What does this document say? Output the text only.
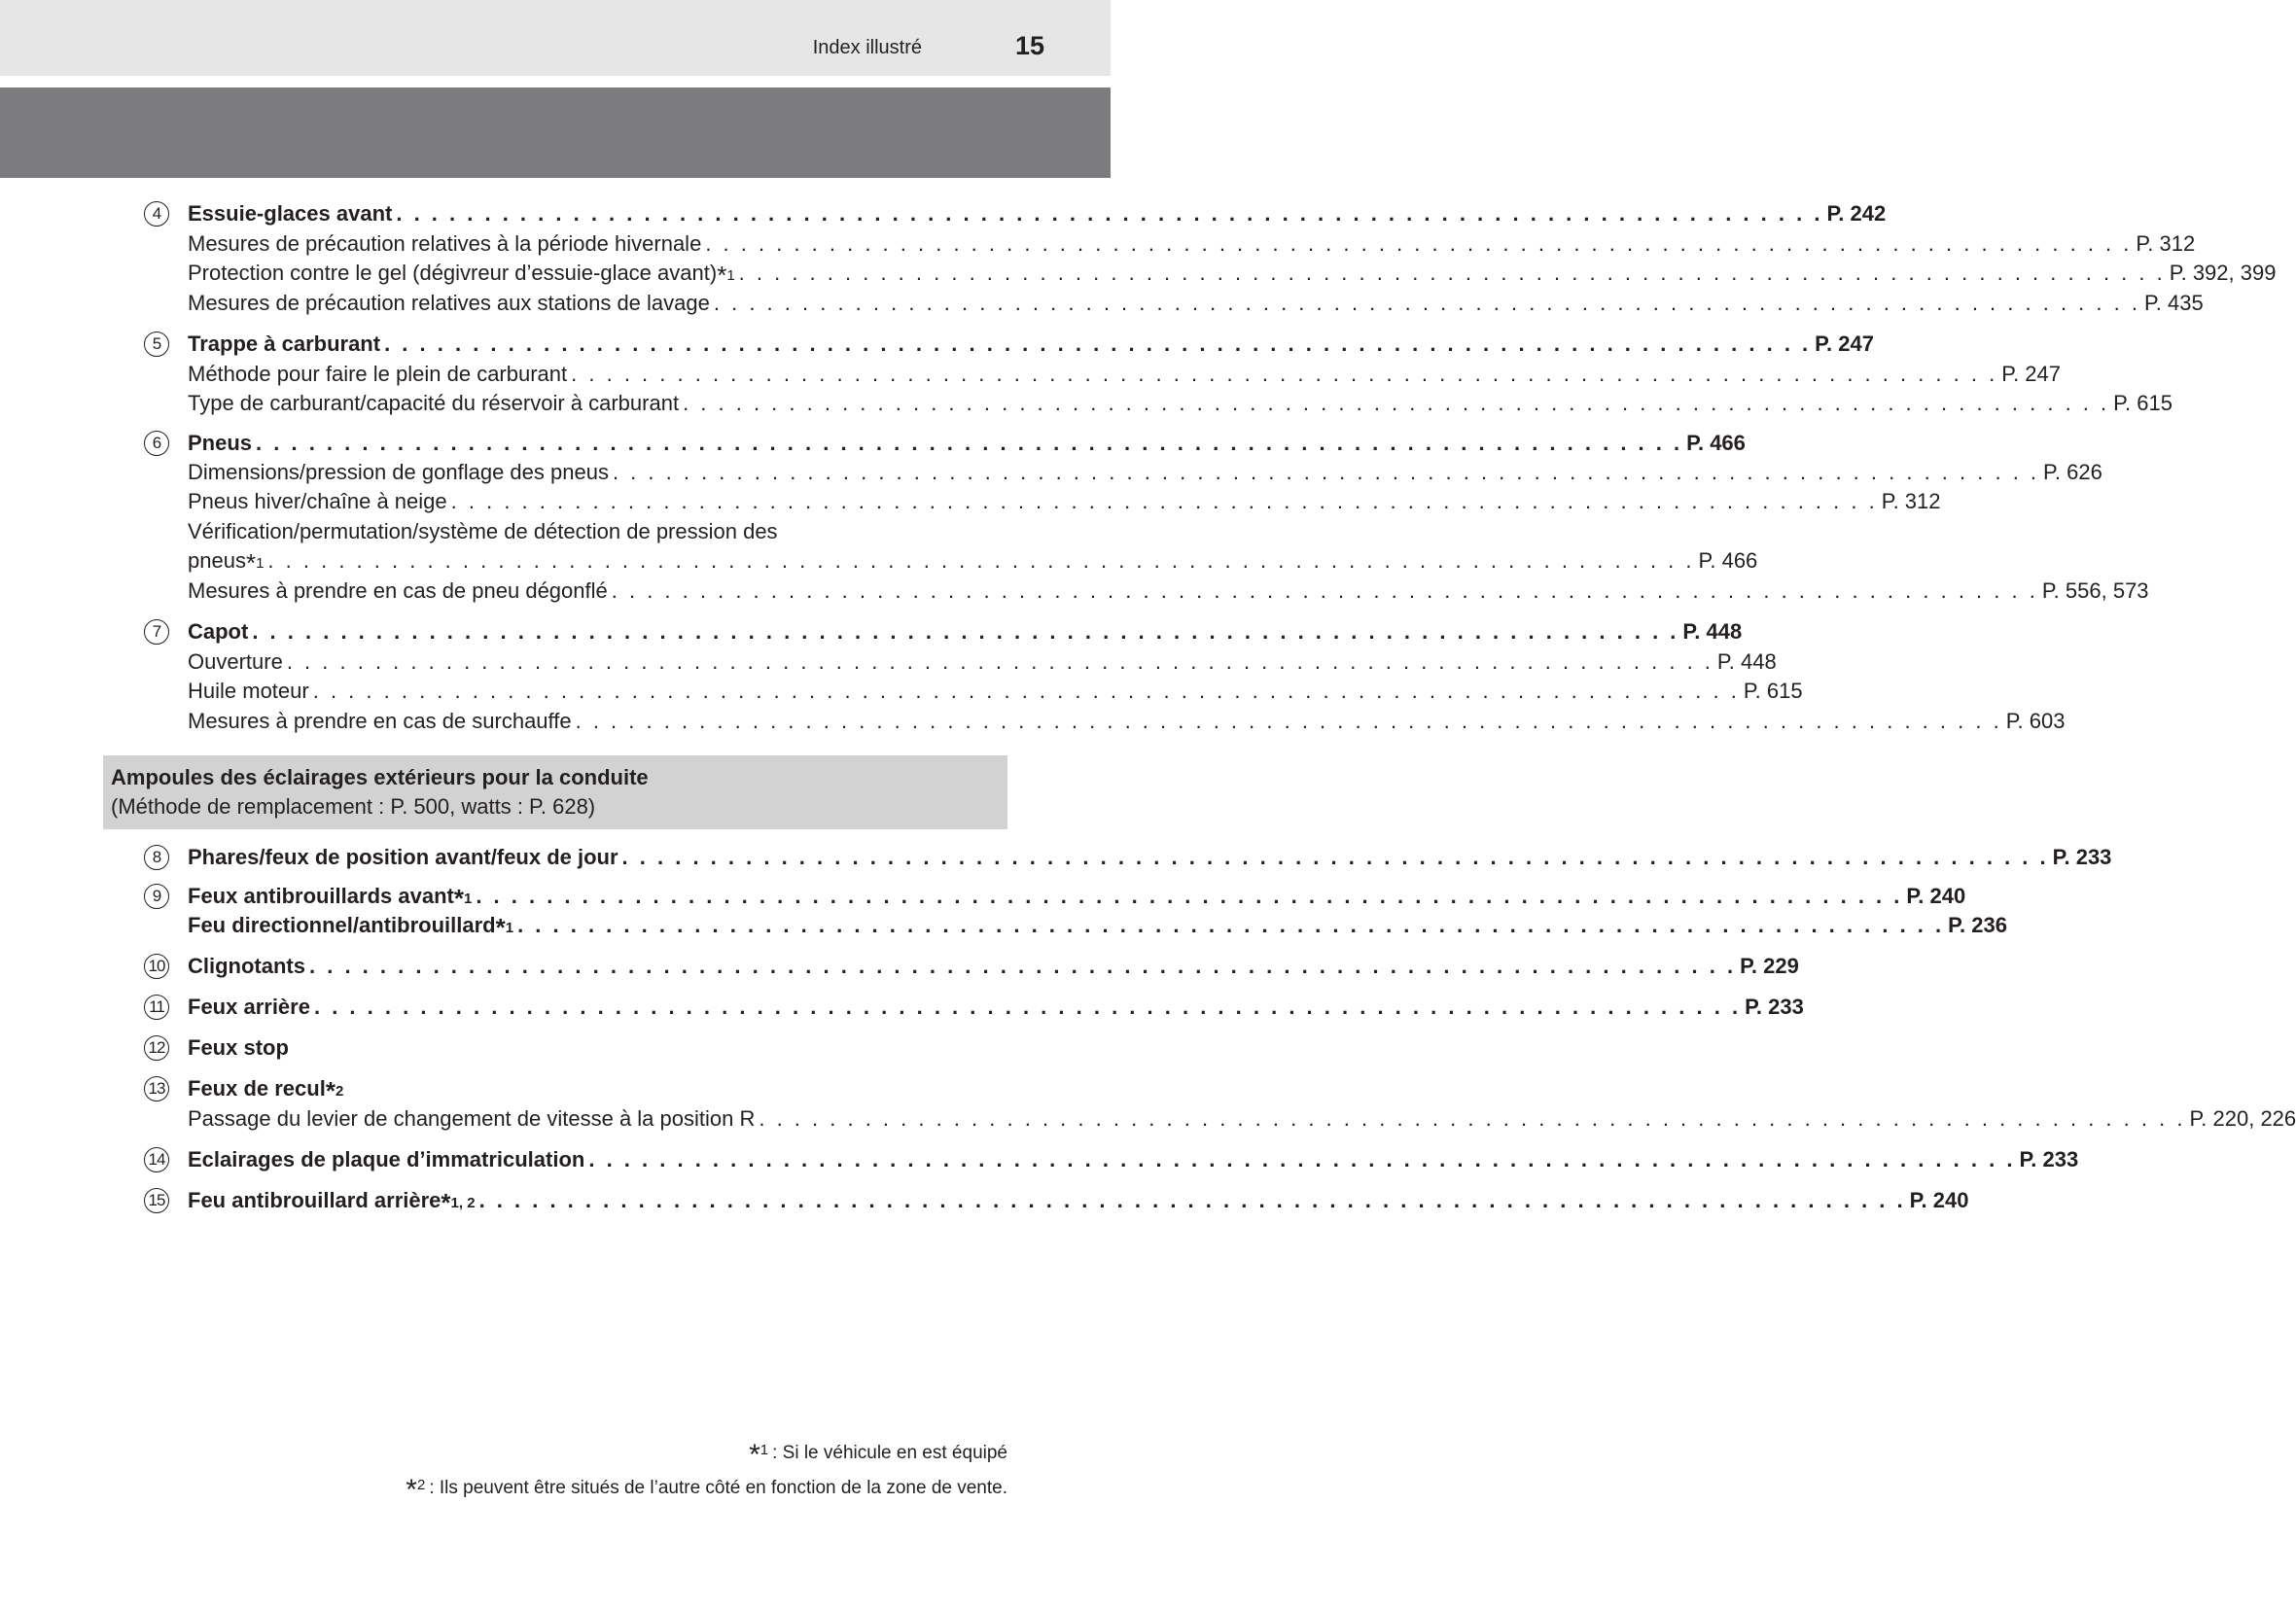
Index illustré	15
Essuie-glaces avant . . . . . . . . . . . . . . . . . . . . . . . . . . . . . . . . . . . . . . . . . . . . . . . . . . . . . . . . . . . . . . . . . . . . . . . . . . . . . . . . . P. 242
4
Mesures de précaution relatives à la période hivernale . . . . . . . . . . . . . . . . . . . . . . . . . . . . . . . . . . . . . . . . . . . . . . . . . . . . . . . . . . . . . . . . . . . . . . . . . . . . . . . . . P. 312
Protection contre le gel (dégivreur d’essuie-glace avant) *1 . . . . . . . . . . . . . . . . . . . . . . . . . . . . . . . . . . . . . . . . . . . . . . . . . . . . . . . . . . . . . . . . . . . . . . . . . . . . . . . . . P. 392, 399
Mesures de précaution relatives aux stations de lavage . . . . . . . . . . . . . . . . . . . . . . . . . . . . . . . . . . . . . . . . . . . . . . . . . . . . . . . . . . . . . . . . . . . . . . . . . . . . . . . . . P. 435
Trappe à carburant . . . . . . . . . . . . . . . . . . . . . . . . . . . . . . . . . . . . . . . . . . . . . . . . . . . . . . . . . . . . . . . . . . . . . . . . . . . . . . . . . P. 247
5
Méthode pour faire le plein de carburant . . . . . . . . . . . . . . . . . . . . . . . . . . . . . . . . . . . . . . . . . . . . . . . . . . . . . . . . . . . . . . . . . . . . . . . . . . . . . . . . . P. 247
Type de carburant/capacité du réservoir à carburant . . . . . . . . . . . . . . . . . . . . . . . . . . . . . . . . . . . . . . . . . . . . . . . . . . . . . . . . . . . . . . . . . . . . . . . . . . . . . . . . . P. 615
Pneus . . . . . . . . . . . . . . . . . . . . . . . . . . . . . . . . . . . . . . . . . . . . . . . . . . . . . . . . . . . . . . . . . . . . . . . . . . . . . . . . . P. 466
6
Dimensions/pression de gonflage des pneus . . . . . . . . . . . . . . . . . . . . . . . . . . . . . . . . . . . . . . . . . . . . . . . . . . . . . . . . . . . . . . . . . . . . . . . . . . . . . . . . . P. 626
Pneus hiver/chaîne à neige . . . . . . . . . . . . . . . . . . . . . . . . . . . . . . . . . . . . . . . . . . . . . . . . . . . . . . . . . . . . . . . . . . . . . . . . . . . . . . . . . P. 312
Vérification/permutation/système de détection de pression des
pneus *1 . . . . . . . . . . . . . . . . . . . . . . . . . . . . . . . . . . . . . . . . . . . . . . . . . . . . . . . . . . . . . . . . . . . . . . . . . . . . . . . . . P. 466
Mesures à prendre en cas de pneu dégonflé . . . . . . . . . . . . . . . . . . . . . . . . . . . . . . . . . . . . . . . . . . . . . . . . . . . . . . . . . . . . . . . . . . . . . . . . . . . . . . . . . P. 556, 573
Capot . . . . . . . . . . . . . . . . . . . . . . . . . . . . . . . . . . . . . . . . . . . . . . . . . . . . . . . . . . . . . . . . . . . . . . . . . . . . . . . . . P. 448
7
Ouverture . . . . . . . . . . . . . . . . . . . . . . . . . . . . . . . . . . . . . . . . . . . . . . . . . . . . . . . . . . . . . . . . . . . . . . . . . . . . . . . . . P. 448
Huile moteur . . . . . . . . . . . . . . . . . . . . . . . . . . . . . . . . . . . . . . . . . . . . . . . . . . . . . . . . . . . . . . . . . . . . . . . . . . . . . . . . . P. 615
Mesures à prendre en cas de surchauffe . . . . . . . . . . . . . . . . . . . . . . . . . . . . . . . . . . . . . . . . . . . . . . . . . . . . . . . . . . . . . . . . . . . . . . . . . . . . . . . . . P. 603
Phares/feux de position avant/feux de jour . . . . . . . . . . . . . . . . . . . . . . . . . . . . . . . . . . . . . . . . . . . . . . . . . . . . . . . . . . . . . . . . . . . . . . . . . . . . . . . . . P. 233
8
Feux antibrouillards avant *1 . . . . . . . . . . . . . . . . . . . . . . . . . . . . . . . . . . . . . . . . . . . . . . . . . . . . . . . . . . . . . . . . . . . . . . . . . . . . . . . . . P. 240
9
Feu directionnel/antibrouillard *1 . . . . . . . . . . . . . . . . . . . . . . . . . . . . . . . . . . . . . . . . . . . . . . . . . . . . . . . . . . . . . . . . . . . . . . . . . . . . . . . . . P. 236
Clignotants . . . . . . . . . . . . . . . . . . . . . . . . . . . . . . . . . . . . . . . . . . . . . . . . . . . . . . . . . . . . . . . . . . . . . . . . . . . . . . . . . P. 229
10
Feux arrière . . . . . . . . . . . . . . . . . . . . . . . . . . . . . . . . . . . . . . . . . . . . . . . . . . . . . . . . . . . . . . . . . . . . . . . . . . . . . . . . . P. 233
11
Feux stop
12
Feux de recul *2
13
Passage du levier de changement de vitesse à la position R . . . . . . . . . . . . . . . . . . . . . . . . . . . . . . . . . . . . . . . . . . . . . . . . . . . . . . . . . . . . . . . . . . . . . . . . . . . . . . . . . P. 220, 226
Eclairages de plaque d’immatriculation . . . . . . . . . . . . . . . . . . . . . . . . . . . . . . . . . . . . . . . . . . . . . . . . . . . . . . . . . . . . . . . . . . . . . . . . . . . . . . . . . P. 233
14
Feu antibrouillard arrière *1, 2 . . . . . . . . . . . . . . . . . . . . . . . . . . . . . . . . . . . . . . . . . . . . . . . . . . . . . . . . . . . . . . . . . . . . . . . . . . . . . . . . . P. 240
15
Ampoules des éclairages extérieurs pour la conduite
(Méthode de remplacement : P. 500, watts : P. 628)
$*_1$ : Si le véhicule en est équipé
$*_2$ : Ils peuvent être situés de l’autre côté en fonction de la zone de vente.
